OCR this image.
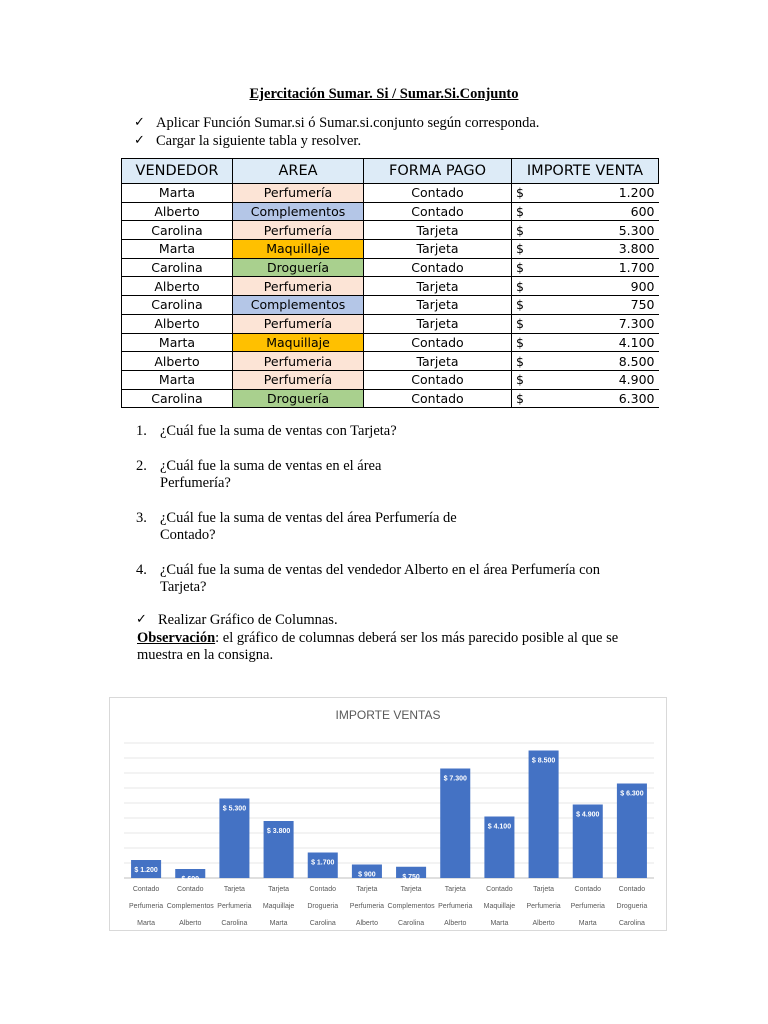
Ejercitación Sumar. Si / Sumar.Si.Conjunto
✓ Aplicar Función Sumar.si ó Sumar.si.conjunto según corresponda.
✓ Cargar la siguiente tabla y resolver.
VENDEDOR	AREA	FORMA PAGO	IMPORTE VENTA
Marta	Perfumería	Contado	$ 1.200

Alberto	Complementos	Contado	$ 600

Carolina	Perfumería	Tarjeta	$ 5.300

Marta	Maquillaje	Tarjeta	$ 3.800

Carolina	Droguería	Contado	$ 1.700

Alberto	Perfumeria	Tarjeta	$ 900

Carolina	Complementos	Tarjeta	$ 750

Alberto	Perfumería	Tarjeta	$ 7.300

Marta	Maquillaje	Contado	$ 4.100

Alberto	Perfumeria	Tarjeta	$ 8.500

Marta	Perfumería	Contado	$ 4.900

Carolina	Droguería	Contado	$ 6.300
1. ¿Cuál fue la suma de ventas con Tarjeta?
2. ¿Cuál fue la suma de ventas en el área Perfumería?
3. ¿Cuál fue la suma de ventas del área Perfumería de Contado?
4. ¿Cuál fue la suma de ventas del vendedor Alberto en el área Perfumería con Tarjeta?
✓ Realizar Gráfico de Columnas.
Observación: el gráfico de columnas deberá ser los más parecido posible al que se muestra en la consigna.
IMPORTE VENTAS
$ 1.200
Contado
Perfumeria
Marta
$ 600
Contado
Complementos
Alberto
$ 5.300
Tarjeta
Perfumeria
Carolina
$ 3.800
Tarjeta
Maquillaje
Marta
$ 1.700
Contado
Drogueria
Carolina
$ 900
Tarjeta
Perfumeria
Alberto
$ 750
Tarjeta
Complementos
Carolina
$ 7.300
Tarjeta
Perfumeria
Alberto
$ 4.100
Contado
Maquillaje
Marta
$ 8.500
Tarjeta
Perfumeria
Alberto
$ 4.900
Contado
Perfumeria
Marta
$ 6.300
Contado
Drogueria
Carolina
